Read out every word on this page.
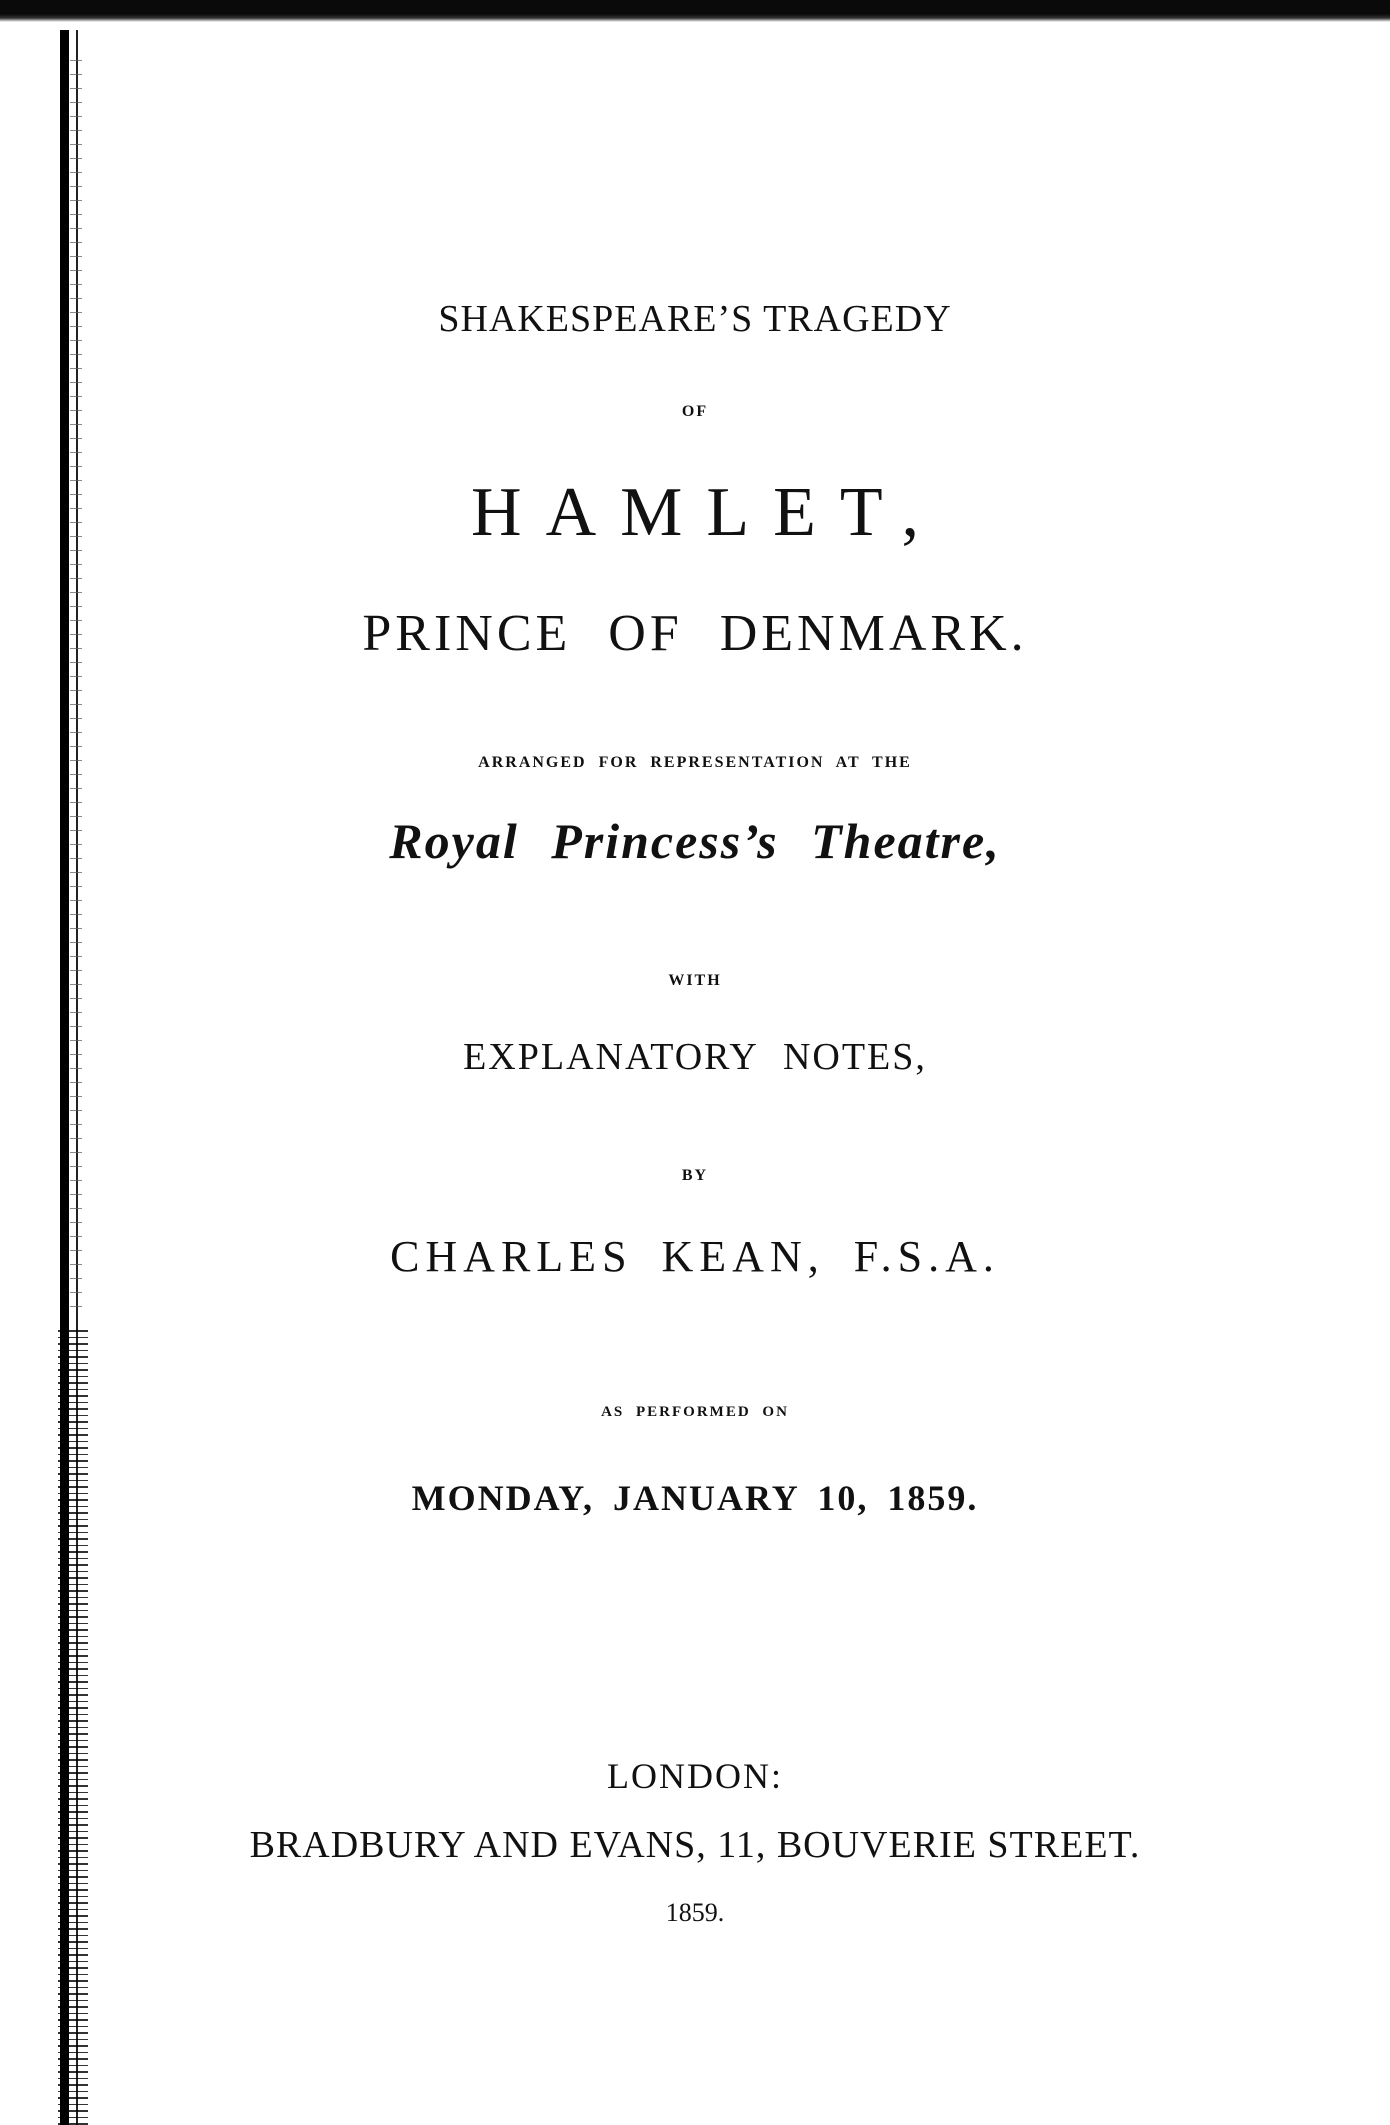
SHAKESPEARE’S TRAGEDY
OF
HAMLET,
PRINCE OF DENMARK.
ARRANGED FOR REPRESENTATION AT THE
Royal Princess’s Theatre,
WITH
EXPLANATORY NOTES,
BY
CHARLES KEAN, F.S.A.
AS PERFORMED ON
MONDAY, JANUARY 10, 1859.
LONDON:
BRADBURY AND EVANS, 11, BOUVERIE STREET.
1859.
